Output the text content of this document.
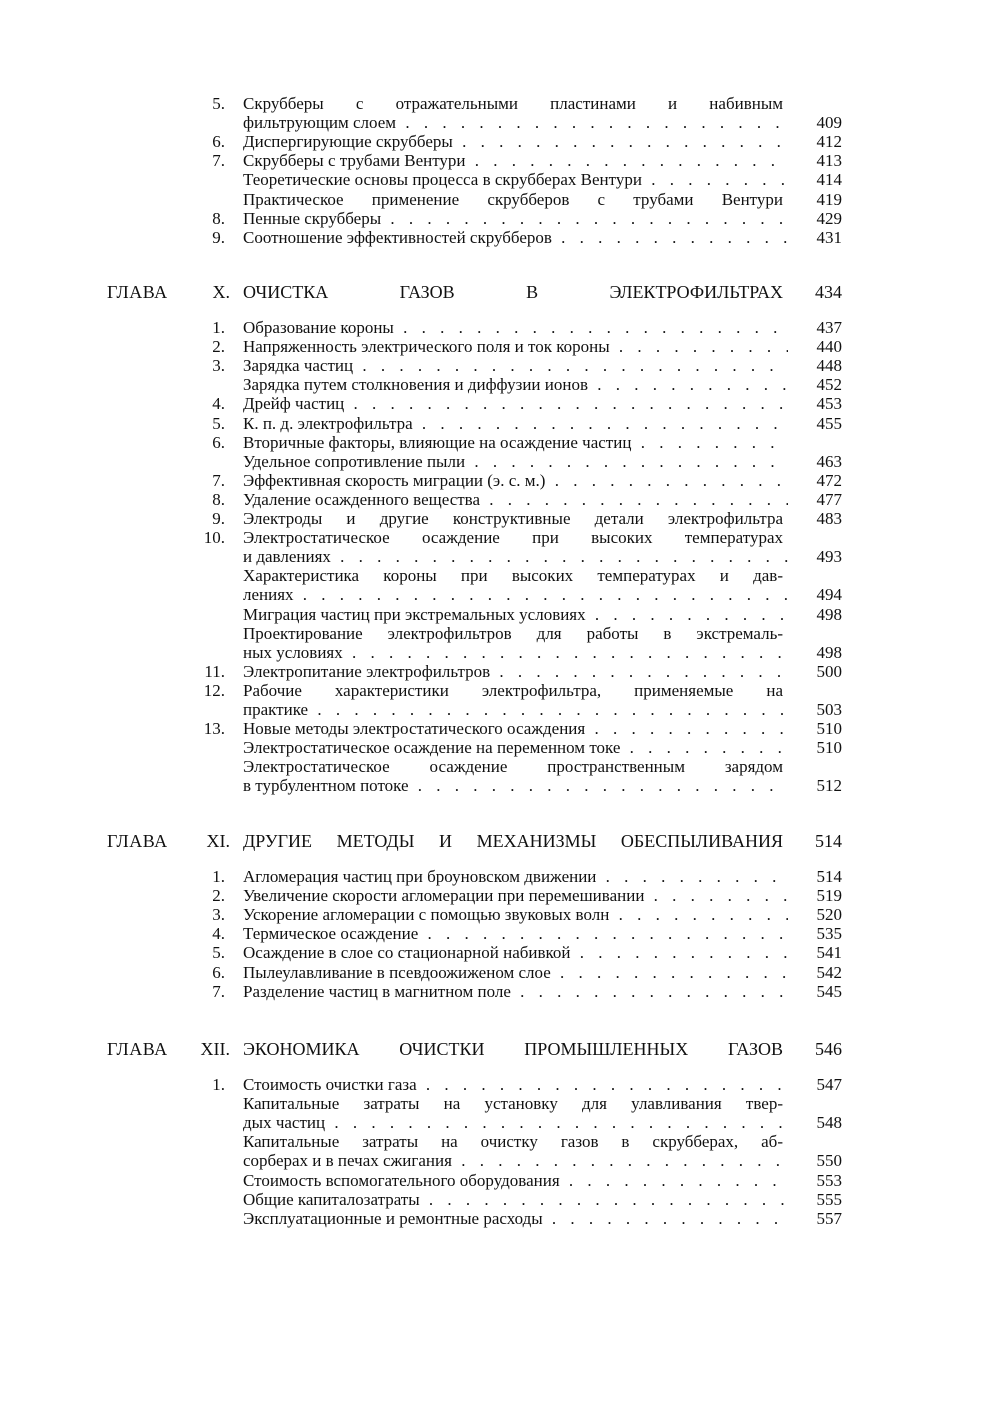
5. Скрубберы с отражательными пластинами и набивным
фильтрующим слоем . . .	409
6. Диспергирующие скрубберы . . .	412
7. Скрубберы с трубами Вентури . . .	413
Теоретические основы процесса в скрубберах Вентури . . .	414
Практическое применение скрубберов с трубами Вентури	419
8. Пенные скрубберы . . .	429
9. Соотношение эффективностей скрубберов . . .	431
ГЛАВА X. ОЧИСТКА ГАЗОВ В ЭЛЕКТРОФИЛЬТРАХ	434
1. Образование короны . . .	437
2. Напряженность электрического поля и ток короны . . .	440
3. Зарядка частиц . . .	448
Зарядка путем столкновения и диффузии ионов . . .	452
4. Дрейф частиц . . .	453
5. К. п. д. электрофильтра . . .	455
6. Вторичные факторы, влияющие на осаждение частиц . . .
Удельное сопротивление пыли . . .	463
7. Эффективная скорость миграции (э. с. м.) . . .	472
8. Удаление осажденного вещества . . .	477
9. Электроды и другие конструктивные детали электрофильтра	483
10. Электростатическое осаждение при высоких температурах
и давлениях . . .	493
Характеристика короны при высоких температурах и дав-
лениях . . .	494
Миграция частиц при экстремальных условиях . . .	498
Проектирование электрофильтров для работы в экстремаль-
ных условиях . . .	498
11. Электропитание электрофильтров . . .	500
12. Рабочие характеристики электрофильтра, применяемые на
практике . . .	503
13. Новые методы электростатического осаждения . . .	510
Электростатическое осаждение на переменном токе . . .	510
Электростатическое осаждение пространственным зарядом
в турбулентном потоке . . .	512
ГЛАВА XI. ДРУГИЕ МЕТОДЫ И МЕХАНИЗМЫ ОБЕСПЫЛИВАНИЯ	514
1. Агломерация частиц при броуновском движении . . .	514
2. Увеличение скорости агломерации при перемешивании . . .	519
3. Ускорение агломерации с помощью звуковых волн . . .	520
4. Термическое осаждение . . .	535
5. Осаждение в слое со стационарной набивкой . . .	541
6. Пылеулавливание в псевдоожиженом слое . . .	542
7. Разделение частиц в магнитном поле . . .	545
ГЛАВА XII. ЭКОНОМИКА ОЧИСТКИ ПРОМЫШЛЕННЫХ ГАЗОВ	546
1. Стоимость очистки газа . . .	547
Капитальные затраты на установку для улавливания твер-
дых частиц . . .	548
Капитальные затраты на очистку газов в скрубберах, аб-
сорберах и в печах сжигания . . .	550
Стоимость вспомогательного оборудования . . .	553
Общие капиталозатраты . . .	555
Эксплуатационные и ремонтные расходы . . .	557
